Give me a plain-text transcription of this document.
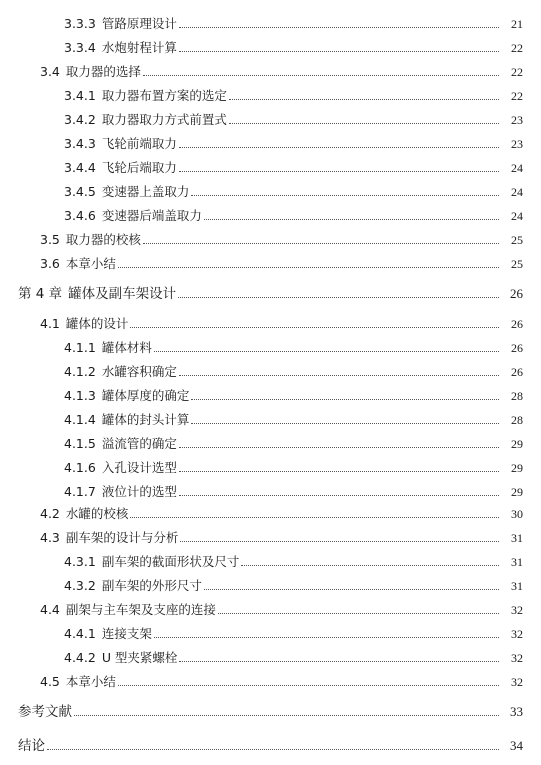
3.3.3 管路原理设计	21
3.3.4 水炮射程计算	22
3.4 取力器的选择	22
3.4.1 取力器布置方案的选定	22
3.4.2 取力器取力方式前置式	23
3.4.3 飞轮前端取力	23
3.4.4 飞轮后端取力	24
3.4.5 变速器上盖取力	24
3.4.6 变速器后端盖取力	24
3.5 取力器的校核	25
3.6 本章小结	25
第 4 章 罐体及副车架设计	26
4.1 罐体的设计	26
4.1.1 罐体材料	26
4.1.2 水罐容积确定	26
4.1.3 罐体厚度的确定	28
4.1.4 罐体的封头计算	28
4.1.5 溢流管的确定	29
4.1.6 入孔设计选型	29
4.1.7 液位计的选型	29
4.2 水罐的校核	30
4.3 副车架的设计与分析	31
4.3.1 副车架的截面形状及尺寸	31
4.3.2 副车架的外形尺寸	31
4.4 副架与主车架及支座的连接	32
4.4.1 连接支架	32
4.4.2 U 型夹紧螺栓	32
4.5 本章小结	32
参考文献	33
结论	34
